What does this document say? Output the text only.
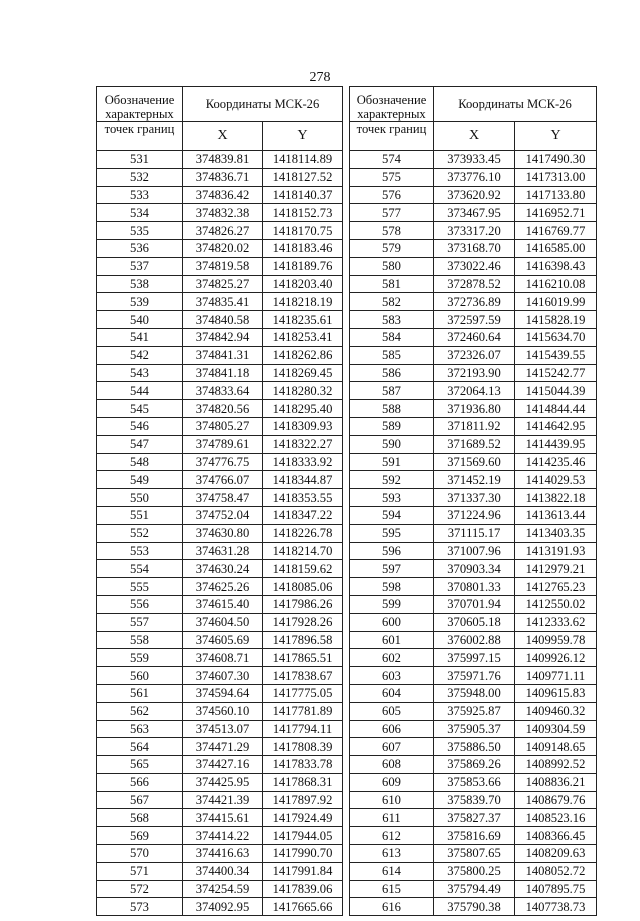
278
Обозначение характерных	Координаты МСК-26	
точек границ	X	Y
531	374839.81	1418114.89
532	374836.71	1418127.52
533	374836.42	1418140.37
534	374832.38	1418152.73
535	374826.27	1418170.75
536	374820.02	1418183.46
537	374819.58	1418189.76
538	374825.27	1418203.40
539	374835.41	1418218.19
540	374840.58	1418235.61
541	374842.94	1418253.41
542	374841.31	1418262.86
543	374841.18	1418269.45
544	374833.64	1418280.32
545	374820.56	1418295.40
546	374805.27	1418309.93
547	374789.61	1418322.27
548	374776.75	1418333.92
549	374766.07	1418344.87
550	374758.47	1418353.55
551	374752.04	1418347.22
552	374630.80	1418226.78
553	374631.28	1418214.70
554	374630.24	1418159.62
555	374625.26	1418085.06
556	374615.40	1417986.26
557	374604.50	1417928.26
558	374605.69	1417896.58
559	374608.71	1417865.51
560	374607.30	1417838.67
561	374594.64	1417775.05
562	374560.10	1417781.89
563	374513.07	1417794.11
564	374471.29	1417808.39
565	374427.16	1417833.78
566	374425.95	1417868.31
567	374421.39	1417897.92
568	374415.61	1417924.49
569	374414.22	1417944.05
570	374416.63	1417990.70
571	374400.34	1417991.84
572	374254.59	1417839.06
573	374092.95	1417665.66
Обозначение характерных	Координаты МСК-26	
точек границ	X	Y
574	373933.45	1417490.30
575	373776.10	1417313.00
576	373620.92	1417133.80
577	373467.95	1416952.71
578	373317.20	1416769.77
579	373168.70	1416585.00
580	373022.46	1416398.43
581	372878.52	1416210.08
582	372736.89	1416019.99
583	372597.59	1415828.19
584	372460.64	1415634.70
585	372326.07	1415439.55
586	372193.90	1415242.77
587	372064.13	1415044.39
588	371936.80	1414844.44
589	371811.92	1414642.95
590	371689.52	1414439.95
591	371569.60	1414235.46
592	371452.19	1414029.53
593	371337.30	1413822.18
594	371224.96	1413613.44
595	371115.17	1413403.35
596	371007.96	1413191.93
597	370903.34	1412979.21
598	370801.33	1412765.23
599	370701.94	1412550.02
600	370605.18	1412333.62
601	376002.88	1409959.78
602	375997.15	1409926.12
603	375971.76	1409771.11
604	375948.00	1409615.83
605	375925.87	1409460.32
606	375905.37	1409304.59
607	375886.50	1409148.65
608	375869.26	1408992.52
609	375853.66	1408836.21
610	375839.70	1408679.76
611	375827.37	1408523.16
612	375816.69	1408366.45
613	375807.65	1408209.63
614	375800.25	1408052.72
615	375794.49	1407895.75
616	375790.38	1407738.73
